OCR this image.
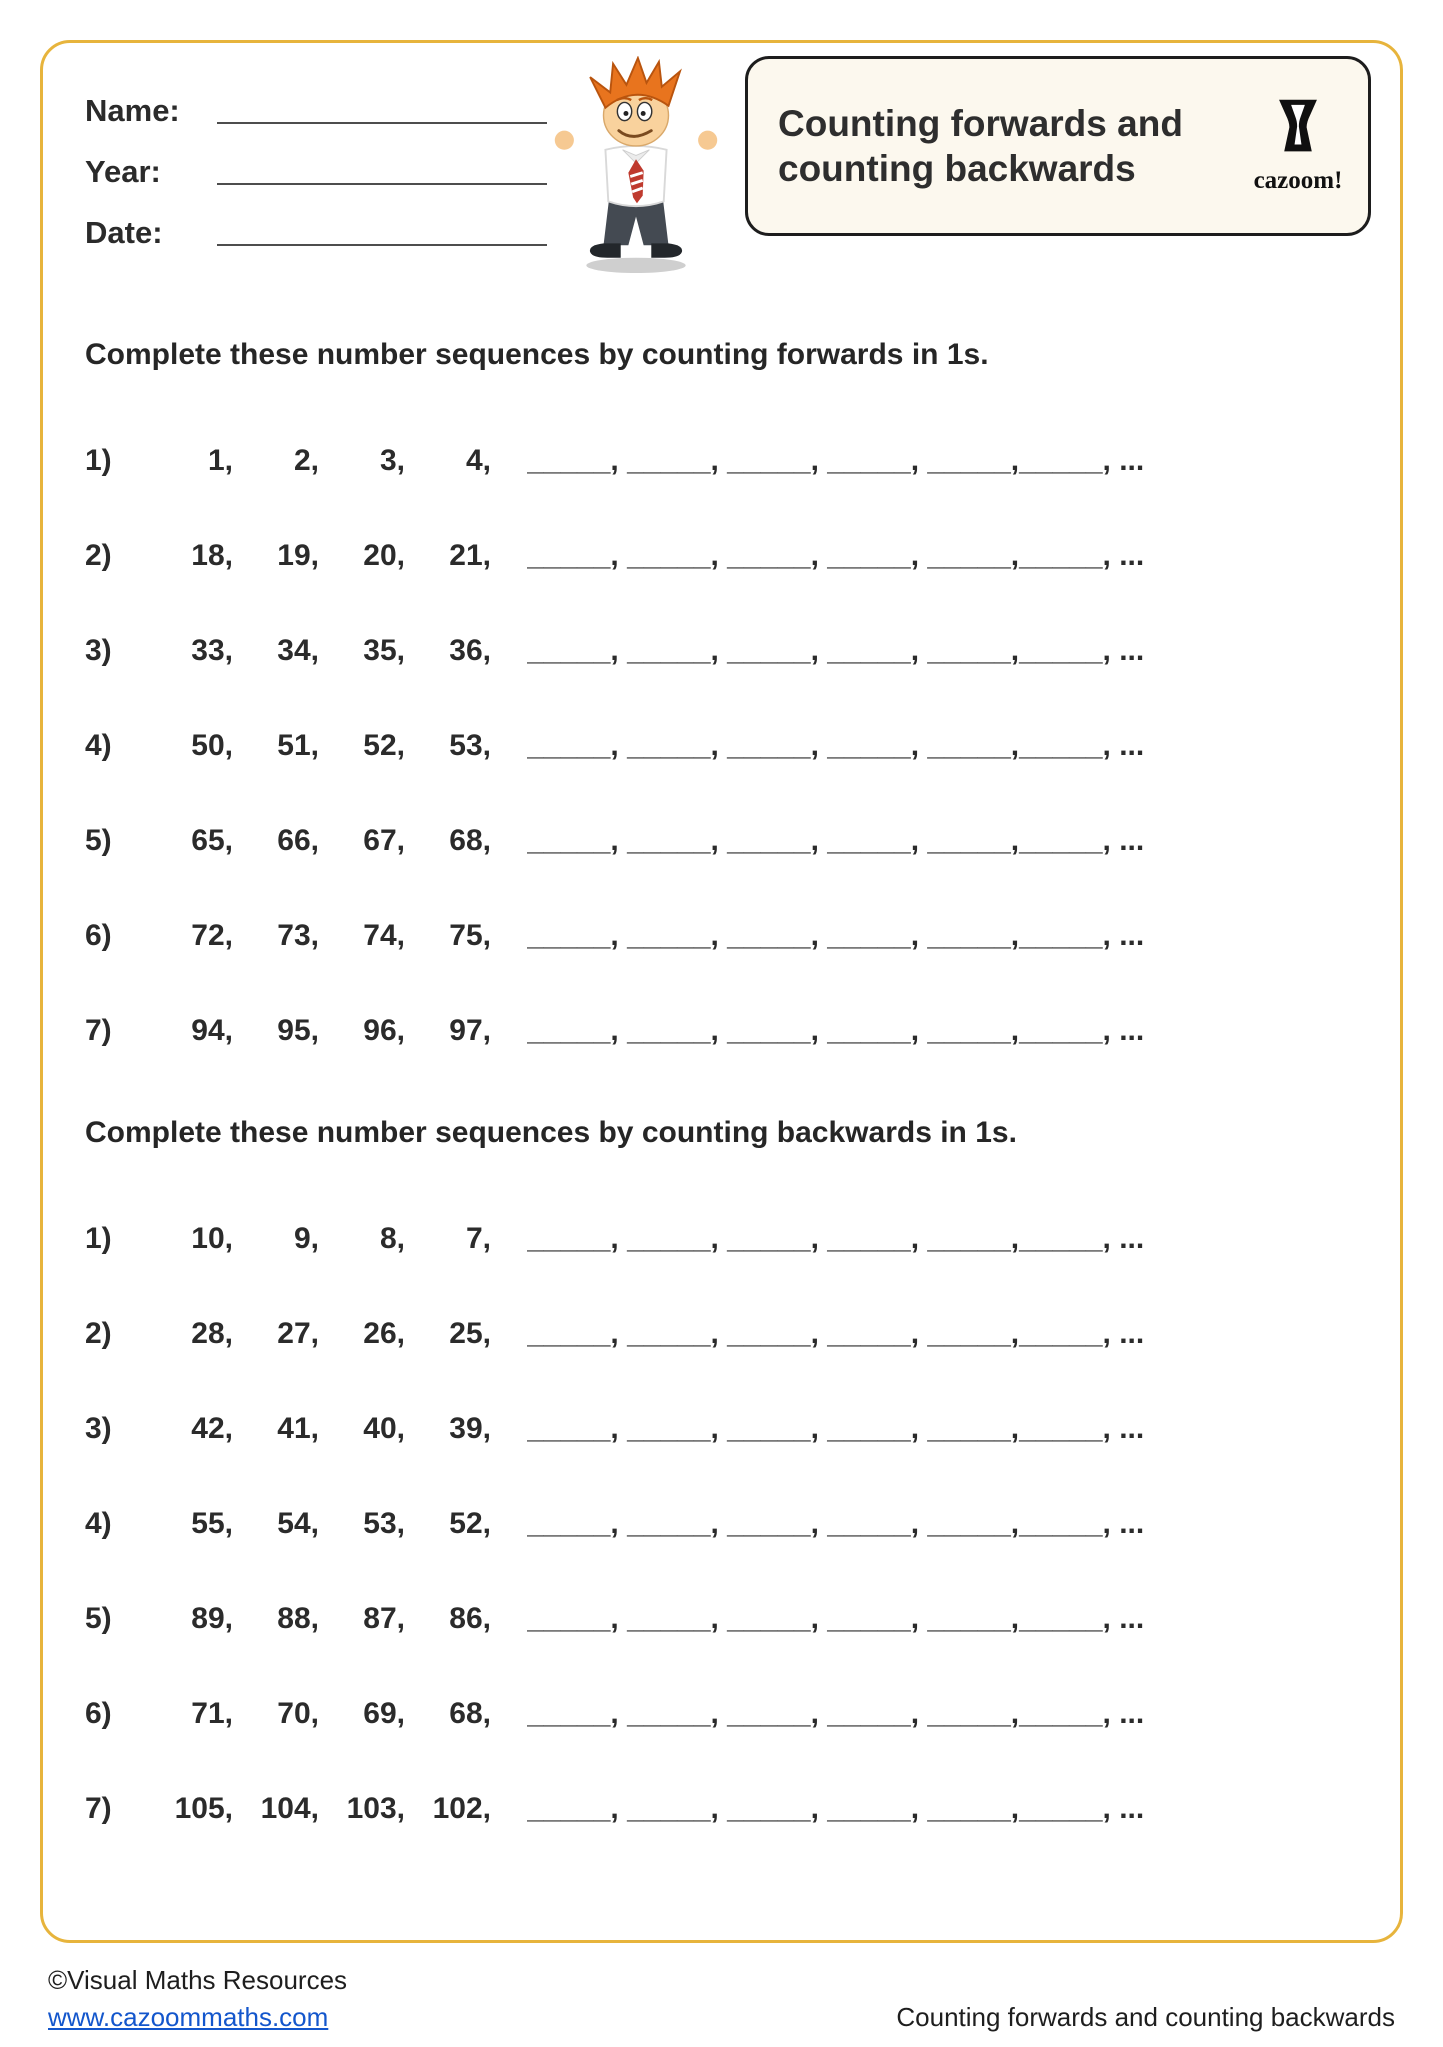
Name:
Year:
Date:
Counting forwards and
counting backwards	cazoom!
Complete these number sequences by counting forwards in 1s.
1)	1,	2,	3,	4, _____, _____, _____, _____, _____,_____, ...
2)	18,	19,	20,	21, _____, _____, _____, _____, _____,_____, ...
3)	33,	34,	35,	36, _____, _____, _____, _____, _____,_____, ...
4)	50,	51,	52,	53, _____, _____, _____, _____, _____,_____, ...
5)	65,	66,	67,	68, _____, _____, _____, _____, _____,_____, ...
6)	72,	73,	74,	75, _____, _____, _____, _____, _____,_____, ...
7)	94,	95,	96,	97, _____, _____, _____, _____, _____,_____, ...
Complete these number sequences by counting backwards in 1s.
1)	10,	9,	8,	7, _____, _____, _____, _____, _____,_____, ...
2)	28,	27,	26,	25, _____, _____, _____, _____, _____,_____, ...
3)	42,	41,	40,	39, _____, _____, _____, _____, _____,_____, ...
4)	55,	54,	53,	52, _____, _____, _____, _____, _____,_____, ...
5)	89,	88,	87,	86, _____, _____, _____, _____, _____,_____, ...
6)	71,	70,	69,	68, _____, _____, _____, _____, _____,_____, ...
7)	105, 104, 103, 102, _____, _____, _____, _____, _____,_____, ...
©Visual Maths Resources
www.cazoommaths.com	Counting forwards and counting backwards
